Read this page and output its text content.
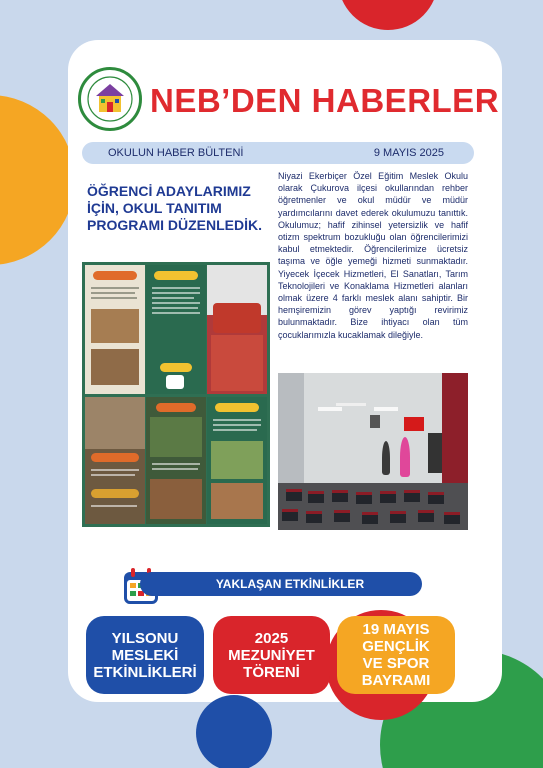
NEB’DEN HABERLER
OKULUN HABER BÜLTENİ	9 MAYIS 2025
ÖĞRENCİ ADAYLARIMIZ İÇİN, OKUL TANITIM PROGRAMI DÜZENLEDİK.
Niyazi Ekerbiçer Özel Eğitim Meslek Okulu olarak Çukurova ilçesi okullarından rehber öğretmenler ve okul müdür ve müdür yardımcılarını davet ederek okulumuzu tanıttık. Okulumuz; hafif zihinsel yetersizlik ve hafif otizm spektrum bozukluğu olan öğrencilerimizi kabul etmektedir. Öğrencilerimize ücretsiz taşıma ve öğle yemeği hizmeti sunmaktadır. Yiyecek İçecek Hizmetleri, El Sanatları, Tarım Teknolojileri ve Konaklama Hizmetleri alanları olmak üzere 4 farklı meslek alanı sahiptir. Bir hemşiremizin görev yaptığı revirimiz bulunmaktadır. Bize ihtiyacı olan tüm çocuklarımızla kucaklamak dileğiyle.
YAKLAŞAN ETKİNLİKLER
YILSONU
MESLEKİ
ETKİNLİKLERİ
2025
MEZUNİYET
TÖRENİ
19 MAYIS
GENÇLİK
VE SPOR
BAYRAMI
